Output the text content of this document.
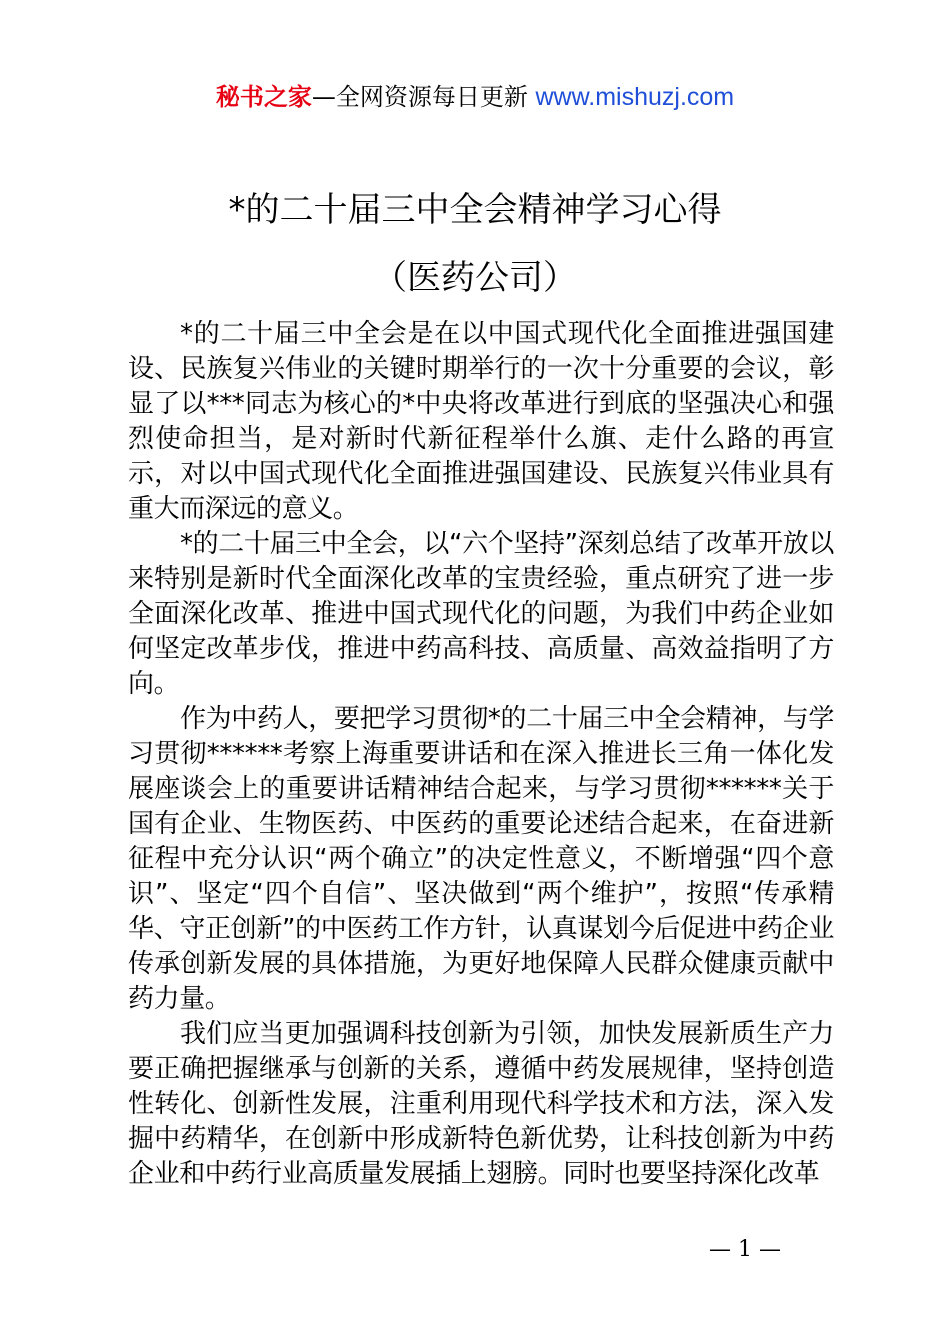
秘书之家—全网资源每日更新 www.mishuzj.com
*的二十届三中全会精神学习心得
（医药公司）

*的二十届三中全会是在以中国式现代化全面推进强国建设、民族复兴伟业的关键时期举行的一次十分重要的会议，彰显了以***同志为核心的*中央将改革进行到底的坚强决心和强烈使命担当，是对新时代新征程举什么旗、走什么路的再宣示，对以中国式现代化全面推进强国建设、民族复兴伟业具有重大而深远的意义。

*的二十届三中全会，以“六个坚持”深刻总结了改革开放以来特别是新时代全面深化改革的宝贵经验，重点研究了进一步全面深化改革、推进中国式现代化的问题，为我们中药企业如何坚定改革步伐，推进中药高科技、高质量、高效益指明了方向。

作为中药人，要把学习贯彻*的二十届三中全会精神，与学习贯彻******考察上海重要讲话和在深入推进长三角一体化发展座谈会上的重要讲话精神结合起来，与学习贯彻******关于国有企业、生物医药、中医药的重要论述结合起来，在奋进新征程中充分认识“两个确立”的决定性意义，不断增强“四个意识”、坚定“四个自信”、坚决做到“两个维护”，按照“传承精华、守正创新”的中医药工作方针，认真谋划今后促进中药企业传承创新发展的具体措施，为更好地保障人民群众健康贡献中药力量。

我们应当更加强调科技创新为引领，加快发展新质生产力要正确把握继承与创新的关系，遵循中药发展规律，坚持创造性转化、创新性发展，注重利用现代科学技术和方法，深入发掘中药精华，在创新中形成新特色新优势，让科技创新为中药企业和中药行业高质量发展插上翅膀。同时也要坚持深化改革

— 1 —
